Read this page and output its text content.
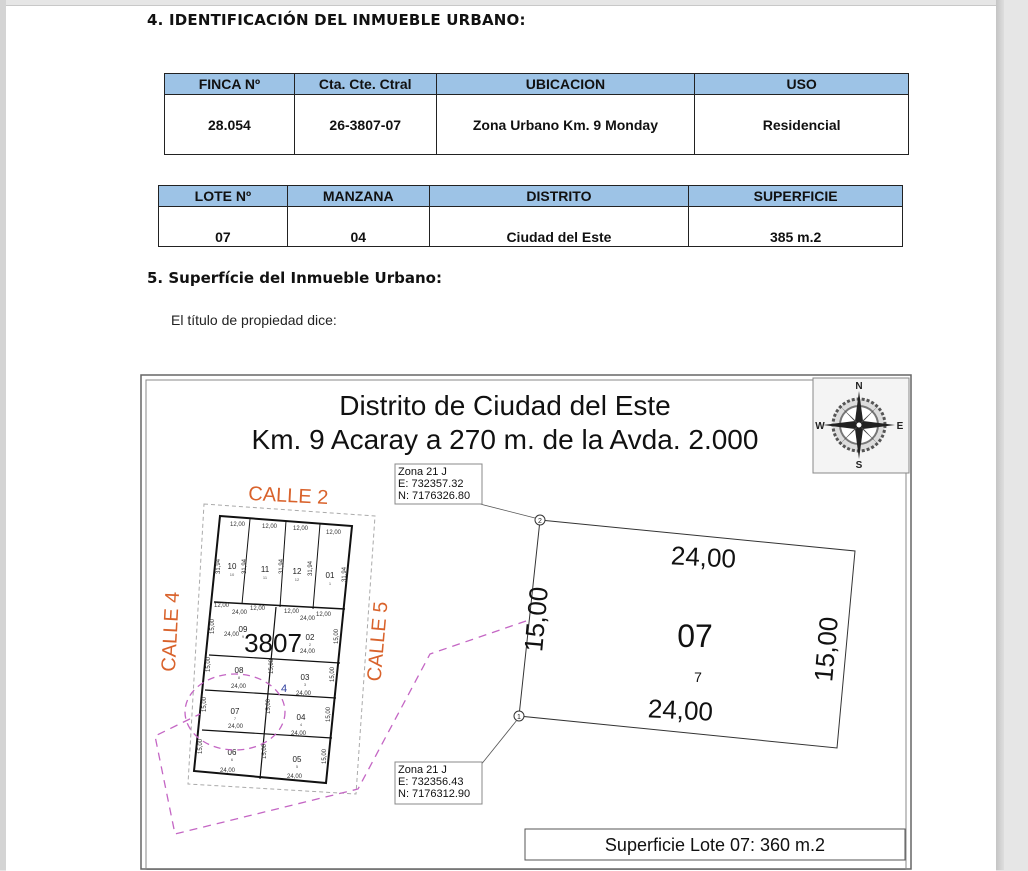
4. IDENTIFICACIÓN DEL INMUEBLE URBANO:
FINCA Nº	Cta. Cte. Ctral	UBICACION	USO
28.054	26-3807-07	Zona Urbano Km. 9 Monday	Residencial
LOTE Nº	MANZANA	DISTRITO	SUPERFICIE
07	04	Ciudad del Este	385 m.2
5. Superfície del Inmueble Urbano:
El título de propiedad dice:
Distrito de Ciudad del Este
Km. 9 Acaray a 270 m. de la Avda. 2.000
N
S
W	E
CALLE 2
CALLE 4	CALLE 5
12,00	12,00	12,00
12,00
31,94	31,94	31,94	31,94	31,94
12,00	12,00	12,00	12,00
24,00
24,00
24,00
24,00
24,00
24,00
24,00
24,00
24,00
24,00
15,00
15,00
15,00
15,00
15,00
15,00
15,00
15,00
15,00
15,00
15,00
10	11	12	01
09
02
08
03
07
04
06
05
10
11	12
1
9
2
8
3
7
4
6
5
3807
4
2
1
24,00
24,00
15,00	15,00
07
7
Zona 21 J
E: 732357.32
N: 7176326.80
Zona 21 J
E: 732356.43
N: 7176312.90
Superficie Lote 07: 360 m.2
